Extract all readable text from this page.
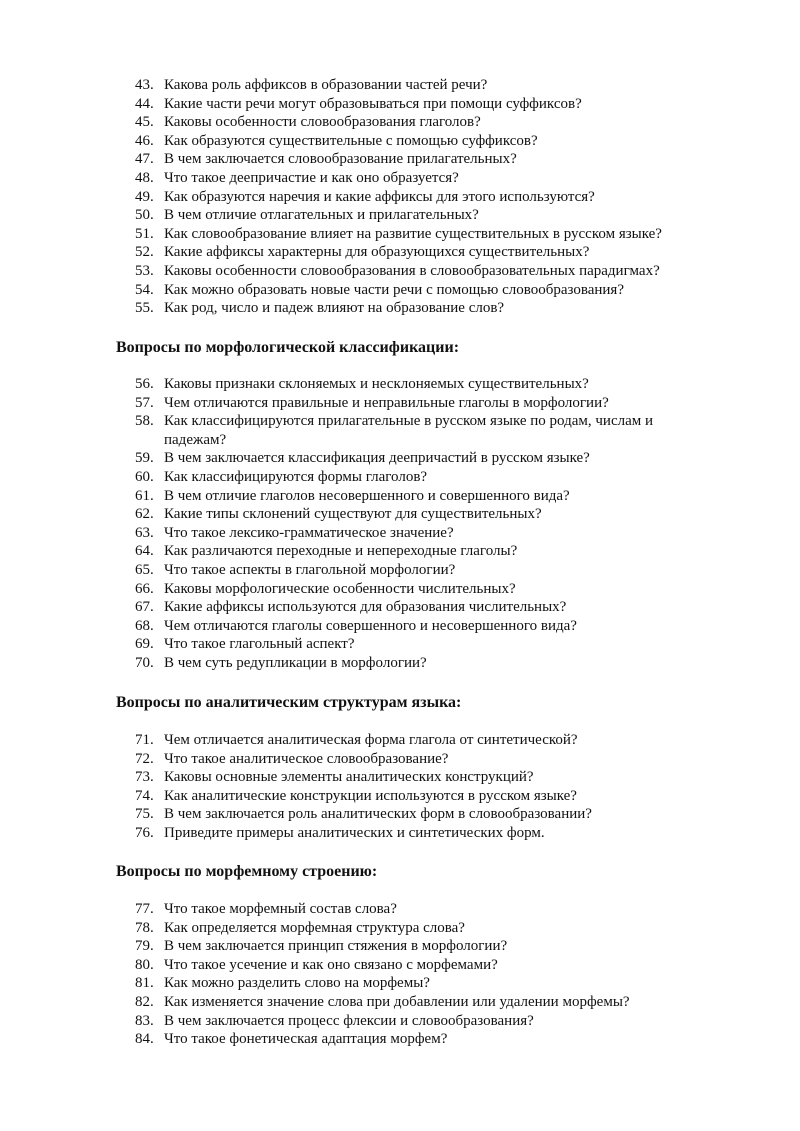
43. Какова роль аффиксов в образовании частей речи?
44. Какие части речи могут образовываться при помощи суффиксов?
45. Каковы особенности словообразования глаголов?
46. Как образуются существительные с помощью суффиксов?
47. В чем заключается словообразование прилагательных?
48. Что такое деепричастие и как оно образуется?
49. Как образуются наречия и какие аффиксы для этого используются?
50. В чем отличие отлагательных и прилагательных?
51. Как словообразование влияет на развитие существительных в русском языке?
52. Какие аффиксы характерны для образующихся существительных?
53. Каковы особенности словообразования в словообразовательных парадигмах?
54. Как можно образовать новые части речи с помощью словообразования?
55. Как род, число и падеж влияют на образование слов?
Вопросы по морфологической классификации:
56. Каковы признаки склоняемых и несклоняемых существительных?
57. Чем отличаются правильные и неправильные глаголы в морфологии?
58. Как классифицируются прилагательные в русском языке по родам, числам и падежам?
59. В чем заключается классификация деепричастий в русском языке?
60. Как классифицируются формы глаголов?
61. В чем отличие глаголов несовершенного и совершенного вида?
62. Какие типы склонений существуют для существительных?
63. Что такое лексико-грамматическое значение?
64. Как различаются переходные и непереходные глаголы?
65. Что такое аспекты в глагольной морфологии?
66. Каковы морфологические особенности числительных?
67. Какие аффиксы используются для образования числительных?
68. Чем отличаются глаголы совершенного и несовершенного вида?
69. Что такое глагольный аспект?
70. В чем суть редупликации в морфологии?
Вопросы по аналитическим структурам языка:
71. Чем отличается аналитическая форма глагола от синтетической?
72. Что такое аналитическое словообразование?
73. Каковы основные элементы аналитических конструкций?
74. Как аналитические конструкции используются в русском языке?
75. В чем заключается роль аналитических форм в словообразовании?
76. Приведите примеры аналитических и синтетических форм.
Вопросы по морфемному строению:
77. Что такое морфемный состав слова?
78. Как определяется морфемная структура слова?
79. В чем заключается принцип стяжения в морфологии?
80. Что такое усечение и как оно связано с морфемами?
81. Как можно разделить слово на морфемы?
82. Как изменяется значение слова при добавлении или удалении морфемы?
83. В чем заключается процесс флексии и словообразования?
84. Что такое фонетическая адаптация морфем?
